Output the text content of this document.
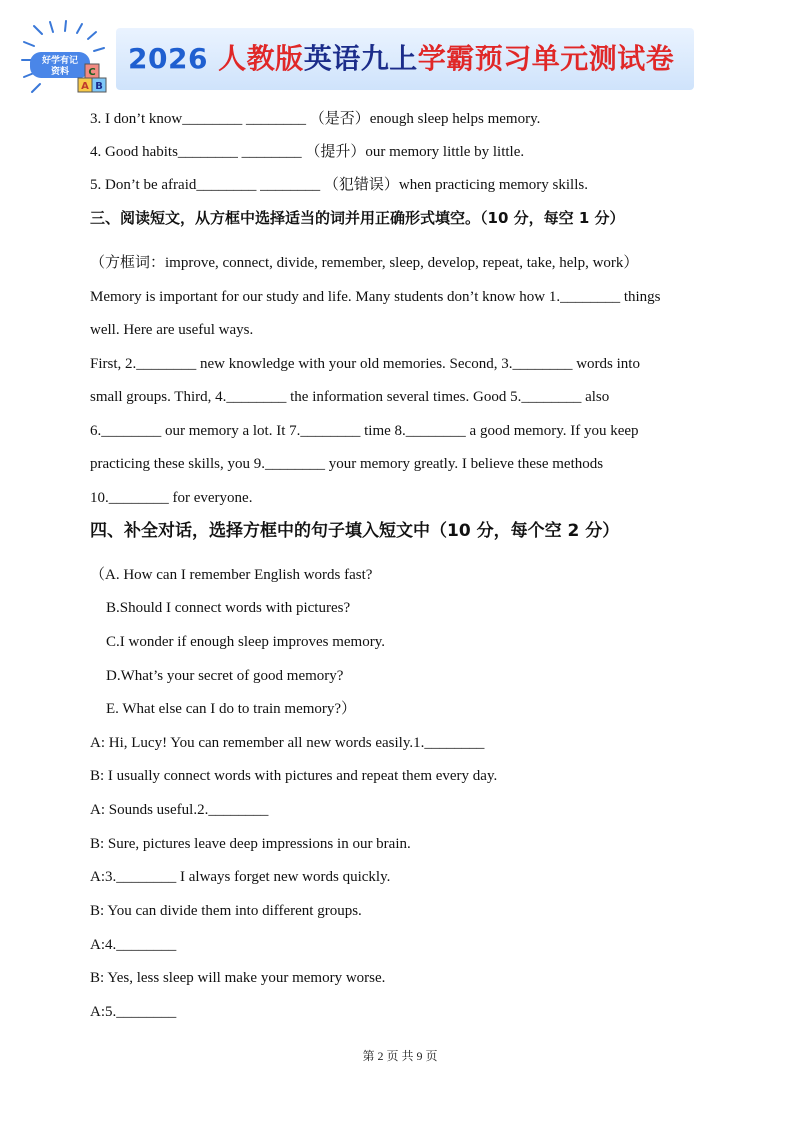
好学有记
资料
A B
C 2026 人教版英语九上学霸预习单元测试卷
3. I don’t know________ ________ （是否）enough sleep helps memory.
4. Good habits________ ________ （提升）our memory little by little.
5. Don’t be afraid________ ________ （犯错误）when practicing memory skills.
三、阅读短文，从方框中选择适当的词并用正确形式填空。（10 分，每空 1 分）
（方框词：improve, connect, divide, remember, sleep, develop, repeat, take, help, work）
Memory is important for our study and life. Many students don’t know how 1.________ things
well. Here are useful ways.
First, 2.________ new knowledge with your old memories. Second, 3.________ words into
small groups. Third, 4.________ the information several times. Good 5.________ also
6.________ our memory a lot. It 7.________ time 8.________ a good memory. If you keep
practicing these skills, you 9.________ your memory greatly. I believe these methods
10.________ for everyone.
四、补全对话，选择方框中的句子填入短文中（10 分，每个空 2 分）
（A. How can I remember English words fast?
B.Should I connect words with pictures?
C.I wonder if enough sleep improves memory.
D.What’s your secret of good memory?
E. What else can I do to train memory?）
A: Hi, Lucy! You can remember all new words easily.1.________
B: I usually connect words with pictures and repeat them every day.
A: Sounds useful.2.________
B: Sure, pictures leave deep impressions in our brain.
A:3.________ I always forget new words quickly.
B: You can divide them into different groups.
A:4.________
B: Yes, less sleep will make your memory worse.
A:5.________
第 2 页 共 9 页
